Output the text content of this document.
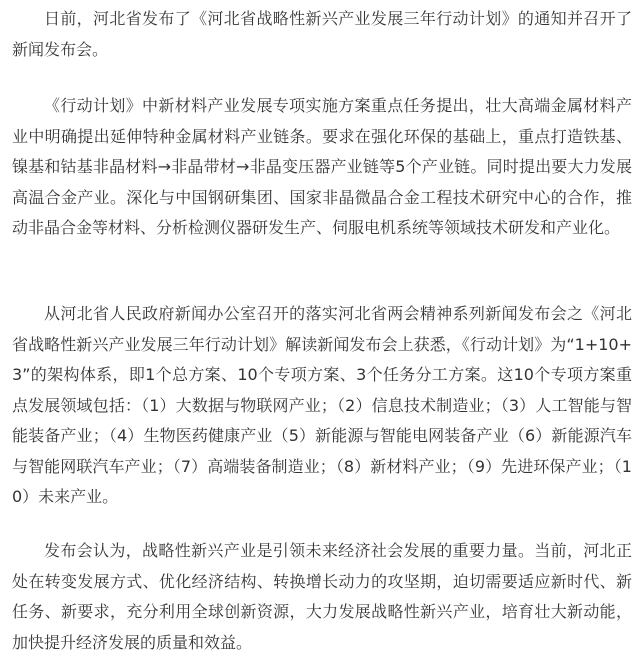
日前，河北省发布了《河北省战略性新兴产业发展三年行动计划》的通知并召开了新闻发布会。

《行动计划》中新材料产业发展专项实施方案重点任务提出，壮大高端金属材料产业中明确提出延伸特种金属材料产业链条。要求在强化环保的基础上，重点打造铁基、镍基和钴基非晶材料→非晶带材→非晶变压器产业链等5个产业链。同时提出要大力发展高温合金产业。深化与中国钢研集团、国家非晶微晶合金工程技术研究中心的合作，推动非晶合金等材料、分析检测仪器研发生产、伺服电机系统等领域技术研发和产业化。

从河北省人民政府新闻办公室召开的落实河北省两会精神系列新闻发布会之《河北省战略性新兴产业发展三年行动计划》解读新闻发布会上获悉，《行动计划》为“1+10+3”的架构体系，即1个总方案、10个专项方案、3个任务分工方案。这10个专项方案重点发展领域包括：（1）大数据与物联网产业；（2）信息技术制造业；（3）人工智能与智能装备产业；（4）生物医药健康产业（5）新能源与智能电网装备产业（6）新能源汽车与智能网联汽车产业；（7）高端装备制造业；（8）新材料产业；（9）先进环保产业；（10）未来产业。

发布会认为，战略性新兴产业是引领未来经济社会发展的重要力量。当前，河北正处在转变发展方式、优化经济结构、转换增长动力的攻坚期，迫切需要适应新时代、新任务、新要求，充分利用全球创新资源，大力发展战略性新兴产业，培育壮大新动能，加快提升经济发展的质量和效益。
